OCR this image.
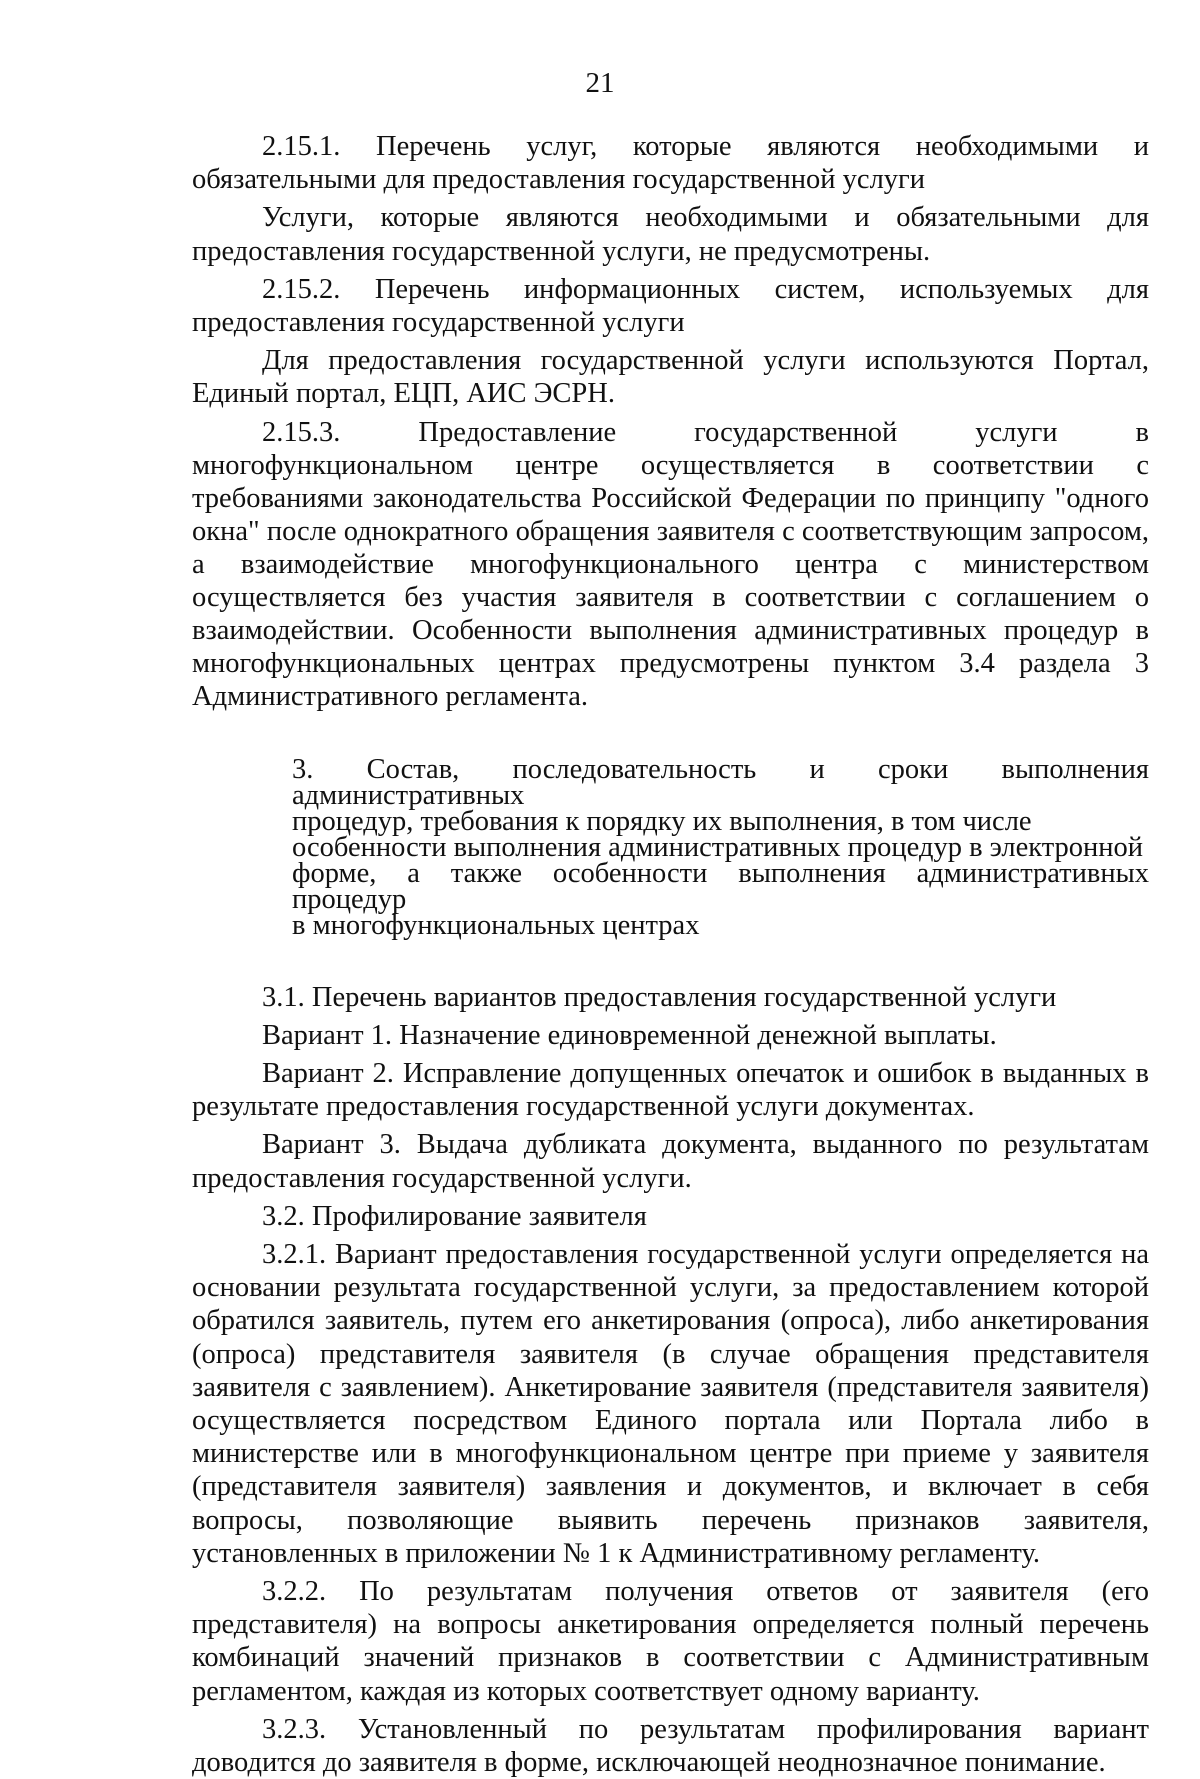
21

2.15.1. Перечень услуг, которые являются необходимыми и обязательными для предоставления государственной услуги

Услуги, которые являются необходимыми и обязательными для предоставления государственной услуги, не предусмотрены.

2.15.2. Перечень информационных систем, используемых для предоставления государственной услуги

Для предоставления государственной услуги используются Портал, Единый портал, ЕЦП, АИС ЭСРН.

2.15.3. Предоставление государственной услуги в многофункциональном центре осуществляется в соответствии с требованиями законодательства Российской Федерации по принципу "одного окна" после однократного обращения заявителя с соответствующим запросом, а взаимодействие многофункционального центра с министерством осуществляется без участия заявителя в соответствии с соглашением о взаимодействии. Особенности выполнения административных процедур в многофункциональных центрах предусмотрены пунктом 3.4 раздела 3 Административного регламента.

3. Состав, последовательность и сроки выполнения административных
процедур, требования к порядку их выполнения, в том числе
особенности выполнения административных процедур в электронной
форме, а также особенности выполнения административных процедур
в многофункциональных центрах

3.1. Перечень вариантов предоставления государственной услуги

Вариант 1. Назначение единовременной денежной выплаты.

Вариант 2. Исправление допущенных опечаток и ошибок в выданных в результате предоставления государственной услуги документах.

Вариант 3. Выдача дубликата документа, выданного по результатам предоставления государственной услуги.

3.2. Профилирование заявителя

3.2.1. Вариант предоставления государственной услуги определяется на основании результата государственной услуги, за предоставлением которой обратился заявитель, путем его анкетирования (опроса), либо анкетирования (опроса) представителя заявителя (в случае обращения представителя заявителя с заявлением). Анкетирование заявителя (представителя заявителя) осуществляется посредством Единого портала или Портала либо в министерстве или в многофункциональном центре при приеме у заявителя (представителя заявителя) заявления и документов, и включает в себя вопросы, позволяющие выявить перечень признаков заявителя, установленных в приложении № 1 к Административному регламенту.

3.2.2. По результатам получения ответов от заявителя (его представителя) на вопросы анкетирования определяется полный перечень комбинаций значений признаков в соответствии с Административным регламентом, каждая из которых соответствует одному варианту.

3.2.3. Установленный по результатам профилирования вариант доводится до заявителя в форме, исключающей неоднозначное понимание.
